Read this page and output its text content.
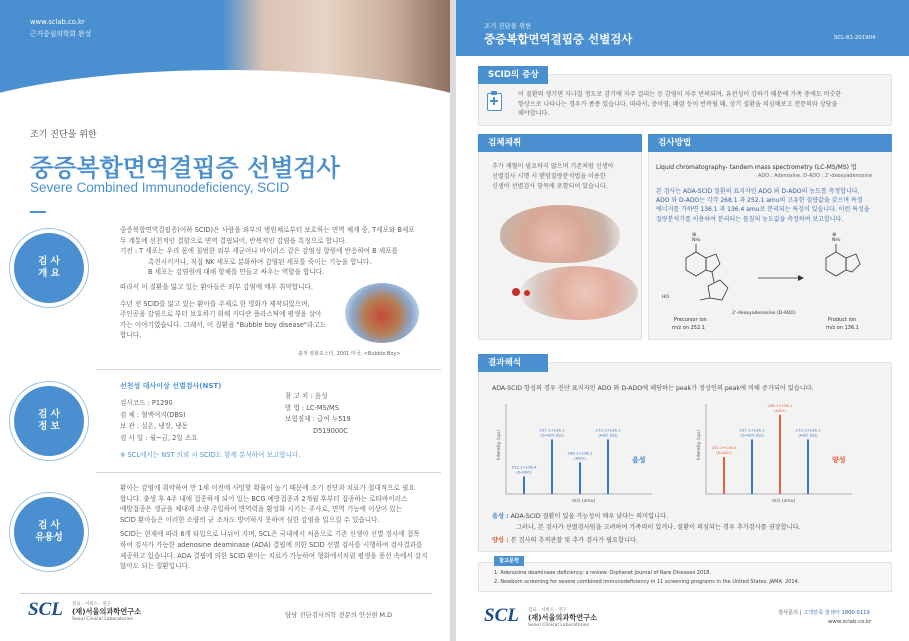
www.sclab.co.kr
근거중심의학회 완성
조기 진단을 위한
중증복합면역결핍증 선별검사
Severe Combined Immunodeficiency, SCID
검 사
개 요

중증복합면역결핍증(이하 SCID)은 사람을 외부의 병원체로부터 보호하는 면역 체계 중, T세포와 B세포

두 계통에 선천적인 결함으로 면역 결핍되어, 반복적인 감염을 특징으로 합니다.

기전 : T 세포는 우리 몸에 침범한 외부 세균이나 바이러스 같은 감염성 항원에 반응하여 B 세포를

촉진시키거나, 직접 NK 세포로 분화하여 감염된 세포를 죽이는 기능을 합니다.

B 세포는 감염원에 대해 항체를 만들고 싸우는 역할을 합니다.

따라서 이 질환을 앓고 있는 환아들은 외부 감염에 매우 취약합니다.

수년 전 SCID를 앓고 있는 환아를 주제로 한 영화가 제작되었으며,

주인공을 감염으로 부터 보호하기 위해 커다란 플라스틱에 평생을 살아

가는 이야기였습니다. 그래서, 이 질환을 "Bubble boy disease"라고도

합니다.

출처 영화포스터, 2001 미국, <Bubble Boy>
검 사
정 보
선천성 대사이상 선별검사(NST)

검사코드 : P1290

검 체 : 혈액여지(DBS)

보 관 : 실온, 냉장, 냉동

검 사 일 : 월~금, 2일 소요

참 고 치 : 음성

방 법 : LC-MS/MS

보험점재 : 급여 누519

D519000C

※ SCL에서는 NST 의뢰 시 SCID도 함께 분석하여 보고합니다.
검 사
유용성

환아는 감염에 취약하여 만 1세 이전에 사망할 확률이 높기 때문에 조기 진단과 치료가 절대적으로 필요

합니다. 출생 후 4주 내에 접종하게 되어 있는 BCG 예방접종과 2개월 후부터 접종하는 로타바이러스

예방접종은 생균을 체내에 소량 주입하여 면역력을 활성화 시키는 주사로, 면역 기능에 이상이 있는

SCID 환아들은 이러한 소량의 균 조차도 방어하지 못하여 심한 감염을 일으킬 수 있습니다.

SCID는 현재에 따라 6개 타입으로 나뉘어 지며, SCL은 국내에서 처음으로 기존 신생아 선별 검사에 접목

하여 검사가 가능한 adenosine deaminase (ADA) 결핍에 의한 SCID 선별 검사를 시행하여 검사결과를

제공하고 있습니다. ADA 결핍에 의한 SCID 환아는 치료가 가능하여 형화에서처럼 평생을 풍선 속에서 살지

않아도 되는 질환입니다.

SCL 진료 · 서비스 · 연구
(재)서울의과학연구소
Seoul Clinical Laboratories
담당 진단검사의학 전문의 안선현 M.D
조기 진단을 위한
중증복합면역결핍증 선별검사	SCL-81-201904
SCID의 증상

이 질환의 생기면 지나칠 정도로 감기에 자주 걸리는 등 감염이 자주 반복되며, 유전성이 강하기 때문에 가족 중에도 비슷한

항상으로 나타나는 경우가 종종 있습니다. 따라서, 중이염, 폐렴 등이 반복될 때, 상기 질환을 의심해보고 전문의와 상담을

해야합니다.

검체채취

추가 채혈이 필요하지 않으며 기존처럼 신생아

선별검사 시행 시 탠덤질량분석법을 이용한

신생아 선별검사 항목에 포함되어 있습니다.

검사방법
Liquid chromatography- tandem mass spectrometry (LC-MS/MS) 법
ADO : Adenosine, D-ADO : 2'-deoxyadenosine

본 검사는 ADA-SCID 질환의 표지자인 ADO 와 D-ADO의 농도를 측정합니다.

ADO 와 D-ADO는 각각 268.1 과 252.1 amu의 고유한 질량값을 갖으며 특정

에너지를 가하면 136.1 과 136.4 amu로 분리되는 특징이 있습니다. 이런 특성을

질량분석기를 이용하여 분리되는 물질의 농도값을 측정하여 보고합니다.

NH₂
⊕
HO
NH₂
⊕
Precursor ion
m/z on 252.1
2'-deoxyadenosine (D-ADO)
Product ion
m/z on 136.1
결과해석
ADA-SCID 항성의 경우 진단 표지자인 ADO 와 D-ADO에 해당하는 peak가 정상인의 peak에 비해 증가되어 있습니다.
Intensity (cps)
m/z (amu)
음성
252.1→136.4
(D-ADO)
257.1→136.1
(D-ADO (IS))
268.1→136.1
(ADO)
273.1→136.1
(ADO (IS))	Intensity (cps)
m/z (amu)
양성
252.1→136.4
(D-ADO)
257.1→136.1
(D-ADO (IS))
268.1→136.1
(ADO)
273.1→136.1
(ADO (IS))
음성 : ADA-SCID 질환이 있을 가능성이 매우 낮다는 의미입니다.
그러나, 본 검사가 선별검사임을 고려하여 가족력이 있거나, 질환이 의심되는 경우 추가검사를 권장합니다.
양성 : 본 검사의 추적관찰 및 추가 검사가 필요합니다.
참고문헌
1. Adenosine deaminase deficiency: a review. Orphanet Journal of Rare Diseases 2018.
2. Newborn screening for severe combined immunodeficiency in 11 screening programs in the United States. JAMA. 2014.
SCL 진료 · 서비스 · 연구
(재)서울의과학연구소
Seoul Clinical Laboratories
검사문의 | 고객만족 콜센터 1800-0119
www.sclab.co.kr
